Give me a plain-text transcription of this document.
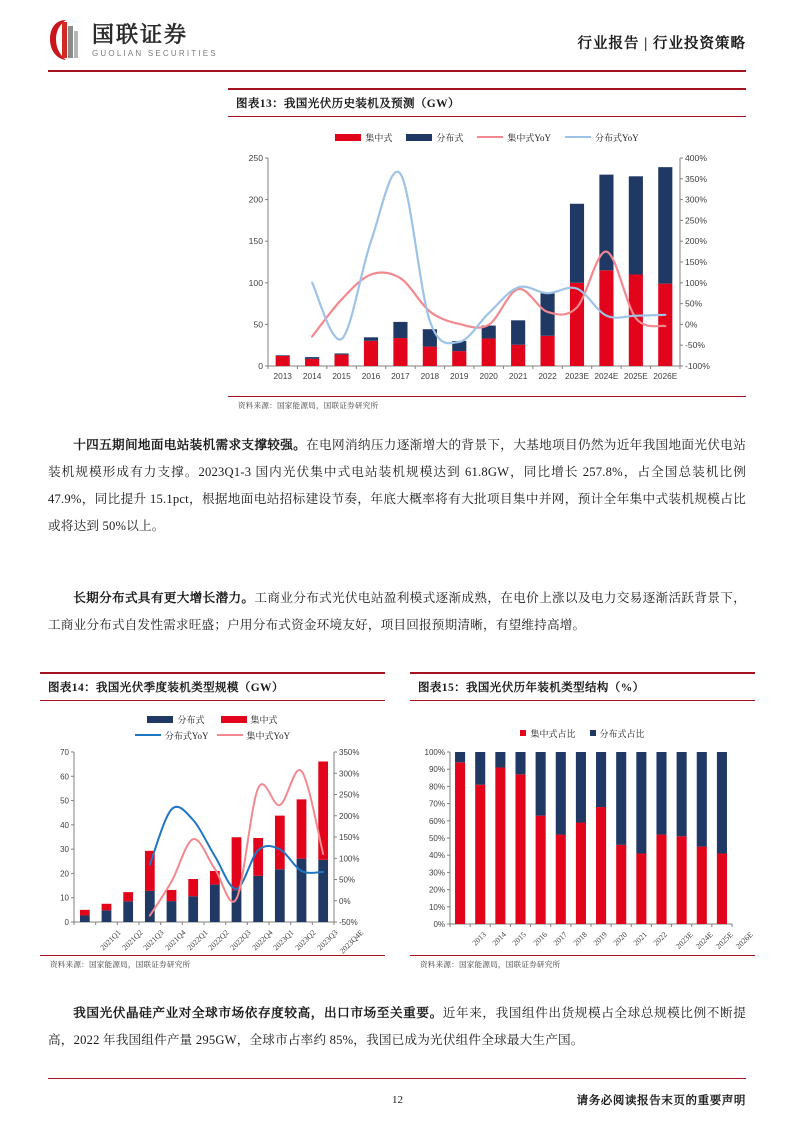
国联证券
GUOLIAN SECURITIES
行业报告 | 行业投资策略
图表13：我国光伏历史装机及预测（GW）
集中式	分布式	集中式YoY	分布式YoY
0
50
100
150
200
250
-100%
-50%
0%
50%
100%
150%
200%
250%
300%
350%
400%
2013	2014	2015	2016	2017	2018	2019	2020	2021	2022 2023E 2024E 2025E 2026E
资料来源：国家能源局，国联证券研究所
十四五期间地面电站装机需求支撑较强。在电网消纳压力逐渐增大的背景下，大基地项目仍然为近年我国地面光伏电站装机规模形成有力支撑。2023Q1-3 国内光伏集中式电站装机规模达到 61.8GW，同比增长 257.8%，占全国总装机比例 47.9%，同比提升 15.1pct，根据地面电站招标建设节奏，年底大概率将有大批项目集中并网，预计全年集中式装机规模占比或将达到 50%以上。
长期分布式具有更大增长潜力。工商业分布式光伏电站盈利模式逐渐成熟，在电价上涨以及电力交易逐渐活跃背景下，工商业分布式自发性需求旺盛；户用分布式资金环境友好，项目回报预期清晰，有望维持高增。
图表14：我国光伏季度装机类型规模（GW）
分布式	集中式
分布式YoY	集中式YoY
0
10
20
30
40
50
60
70
-50%
0%
50%
100%
150%
200%
250%
300%
350%
2021Q1
2021Q2
2021Q3
2021Q4
2022Q1
2022Q2
2022Q3
2022Q4
2023Q1
2023Q2
2023Q3
2023Q4E
资料来源：国家能源局，国联证券研究所
图表15：我国光伏历年装机类型结构（%）
集中式占比	分布式占比
0%
10%
20%
30%
40%
50%
60%
70%
80%
90%
100%
2013 2014 2015 2016 2017 2018 2019 2020 2021 2022 2023E 2024E 2025E 2026E
资料来源：国家能源局，国联证券研究所
我国光伏晶硅产业对全球市场依存度较高，出口市场至关重要。近年来，我国组件出货规模占全球总规模比例不断提高，2022 年我国组件产量 295GW，全球市占率约 85%，我国已成为光伏组件全球最大生产国。
12	请务必阅读报告末页的重要声明
